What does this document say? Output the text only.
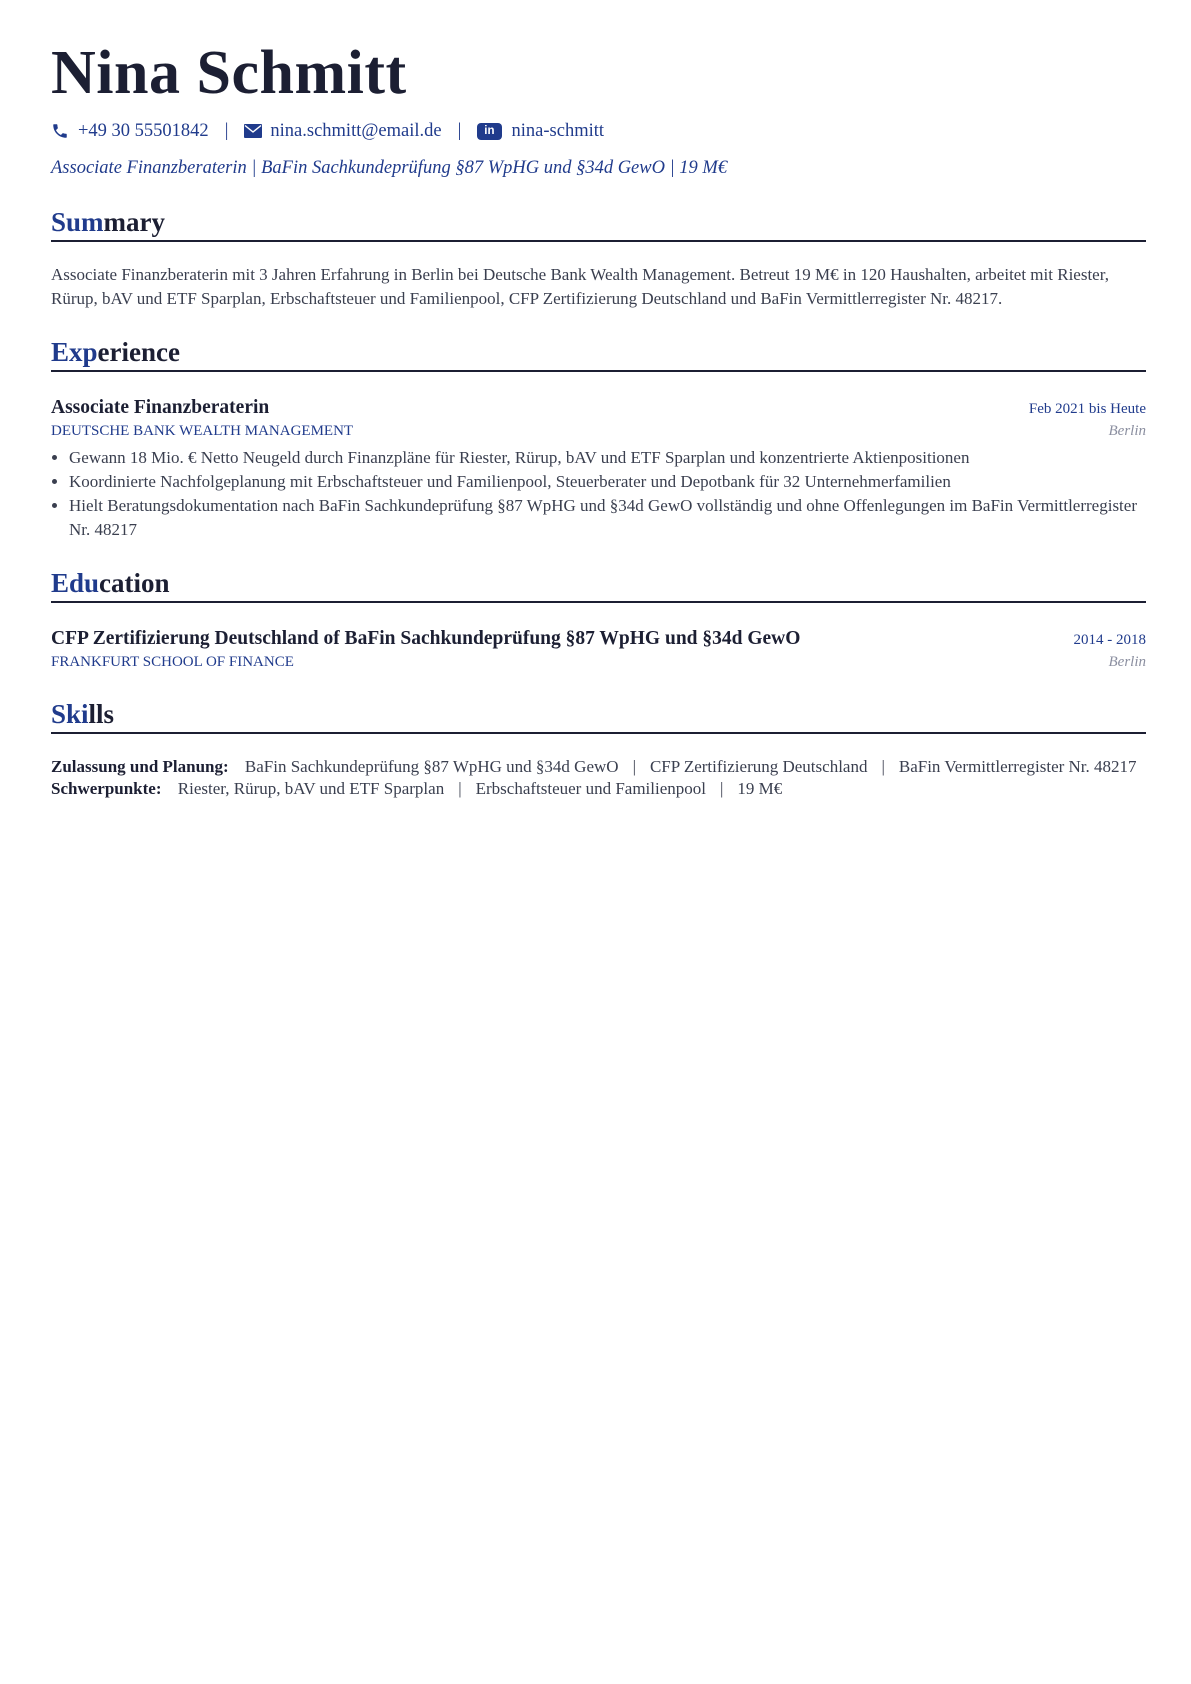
Nina Schmitt
+49 30 55501842 | nina.schmitt@email.de |	in nina-schmitt
Associate Finanzberaterin | BaFin Sachkundeprüfung §87 WpHG und §34d GewO | 19 M€
Summary
Associate Finanzberaterin mit 3 Jahren Erfahrung in Berlin bei Deutsche Bank Wealth Management. Betreut 19 M€ in 120 Haushalten, arbeitet mit Riester, Rürup, bAV und ETF Sparplan, Erbschaftsteuer und Familienpool, CFP Zertifizierung Deutschland und BaFin Vermittlerregister Nr. 48217.
Experience
Associate Finanzberaterin	Feb 2021 bis Heute
DEUTSCHE BANK WEALTH MANAGEMENT	Berlin
• Gewann 18 Mio. € Netto Neugeld durch Finanzpläne für Riester, Rürup, bAV und ETF Sparplan und konzentrierte Aktienpositionen
• Koordinierte Nachfolgeplanung mit Erbschaftsteuer und Familienpool, Steuerberater und Depotbank für 32 Unternehmerfamilien
• Hielt Beratungsdokumentation nach BaFin Sachkundeprüfung §87 WpHG und §34d GewO vollständig und ohne Offenlegungen im BaFin Vermittlerregister Nr. 48217
Education
CFP Zertifizierung Deutschland of BaFin Sachkundeprüfung §87 WpHG und §34d GewO	2014 - 2018
FRANKFURT SCHOOL OF FINANCE	Berlin
Skills
Zulassung und Planung: BaFin Sachkundeprüfung §87 WpHG und §34d GewO | CFP Zertifizierung Deutschland | BaFin Vermittlerregister Nr. 48217
Schwerpunkte: Riester, Rürup, bAV und ETF Sparplan | Erbschaftsteuer und Familienpool | 19 M€
